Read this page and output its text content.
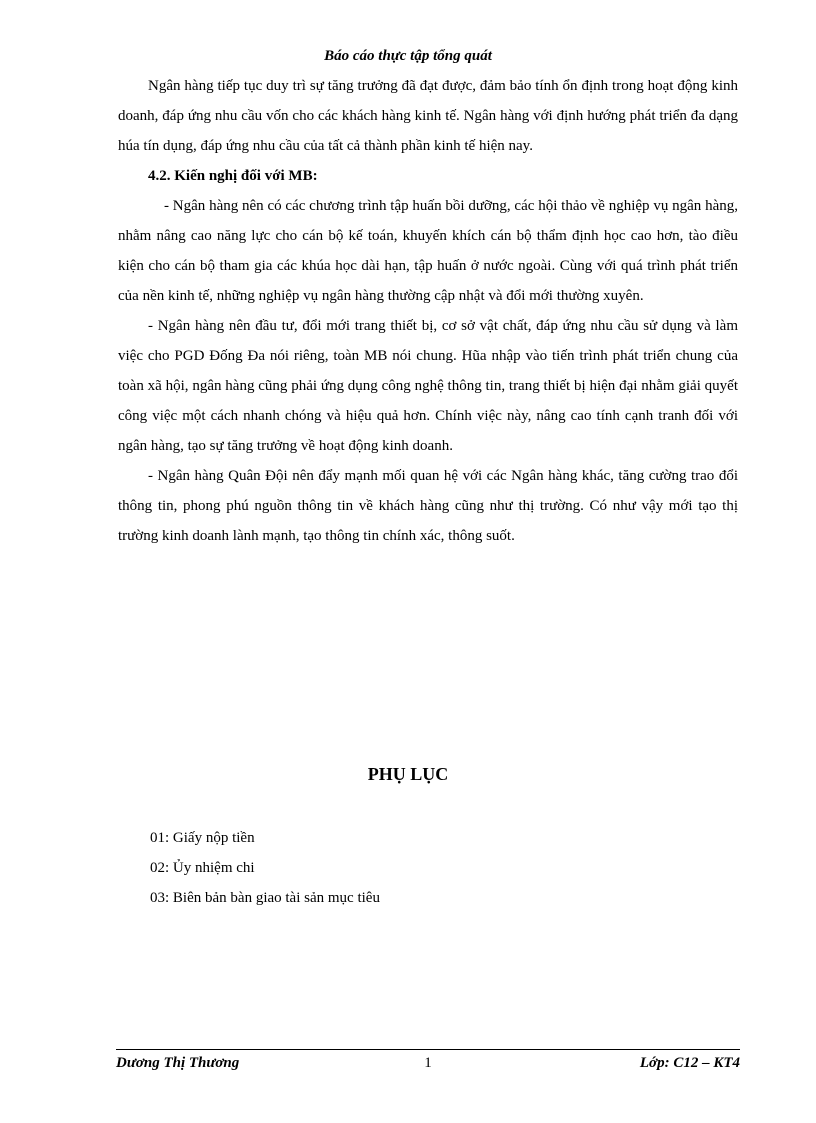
Báo cáo thực tập tổng quát

Ngân hàng tiếp tục duy trì sự tăng trưởng đã đạt được, đảm bảo tính ổn định trong hoạt động kinh doanh, đáp ứng nhu cầu vốn cho các khách hàng kinh tế. Ngân hàng với định hướng phát triển đa dạng húa tín dụng, đáp ứng nhu cầu của tất cả thành phần kinh tế hiện nay.

4.2. Kiến nghị đối với MB:

- Ngân hàng nên có các chương trình tập huấn bồi dưỡng, các hội thảo về nghiệp vụ ngân hàng, nhằm nâng cao năng lực cho cán bộ kế toán, khuyến khích cán bộ thẩm định học cao hơn, tào điều kiện cho cán bộ tham gia các khúa học dài hạn, tập huấn ở nước ngoài. Cùng với quá trình phát triển của nền kinh tế, những nghiệp vụ ngân hàng thường cập nhật và đổi mới thường xuyên.

- Ngân hàng nên đầu tư, đổi mới trang thiết bị, cơ sở vật chất, đáp ứng nhu cầu sử dụng và làm việc cho PGD Đống Đa nói riêng, toàn MB nói chung. Hũa nhập vào tiến trình phát triển chung của toàn xã hội, ngân hàng cũng phải ứng dụng công nghệ thông tin, trang thiết bị hiện đại nhằm giải quyết công việc một cách nhanh chóng và hiệu quả hơn. Chính việc này, nâng cao tính cạnh tranh đối với ngân hàng, tạo sự tăng trưởng về hoạt động kinh doanh.

- Ngân hàng Quân Đội nên đẩy mạnh mối quan hệ với các Ngân hàng khác, tăng cường trao đổi thông tin, phong phú nguồn thông tin về khách hàng cũng như thị trường. Có như vậy mới tạo thị trường kinh doanh lành mạnh, tạo thông tin chính xác, thông suốt.

PHỤ LỤC
01: Giấy nộp tiền
02: Ủy nhiệm chi
03: Biên bản bàn giao tài sản mục tiêu
Dương Thị Thương	1	Lớp: C12 – KT4
